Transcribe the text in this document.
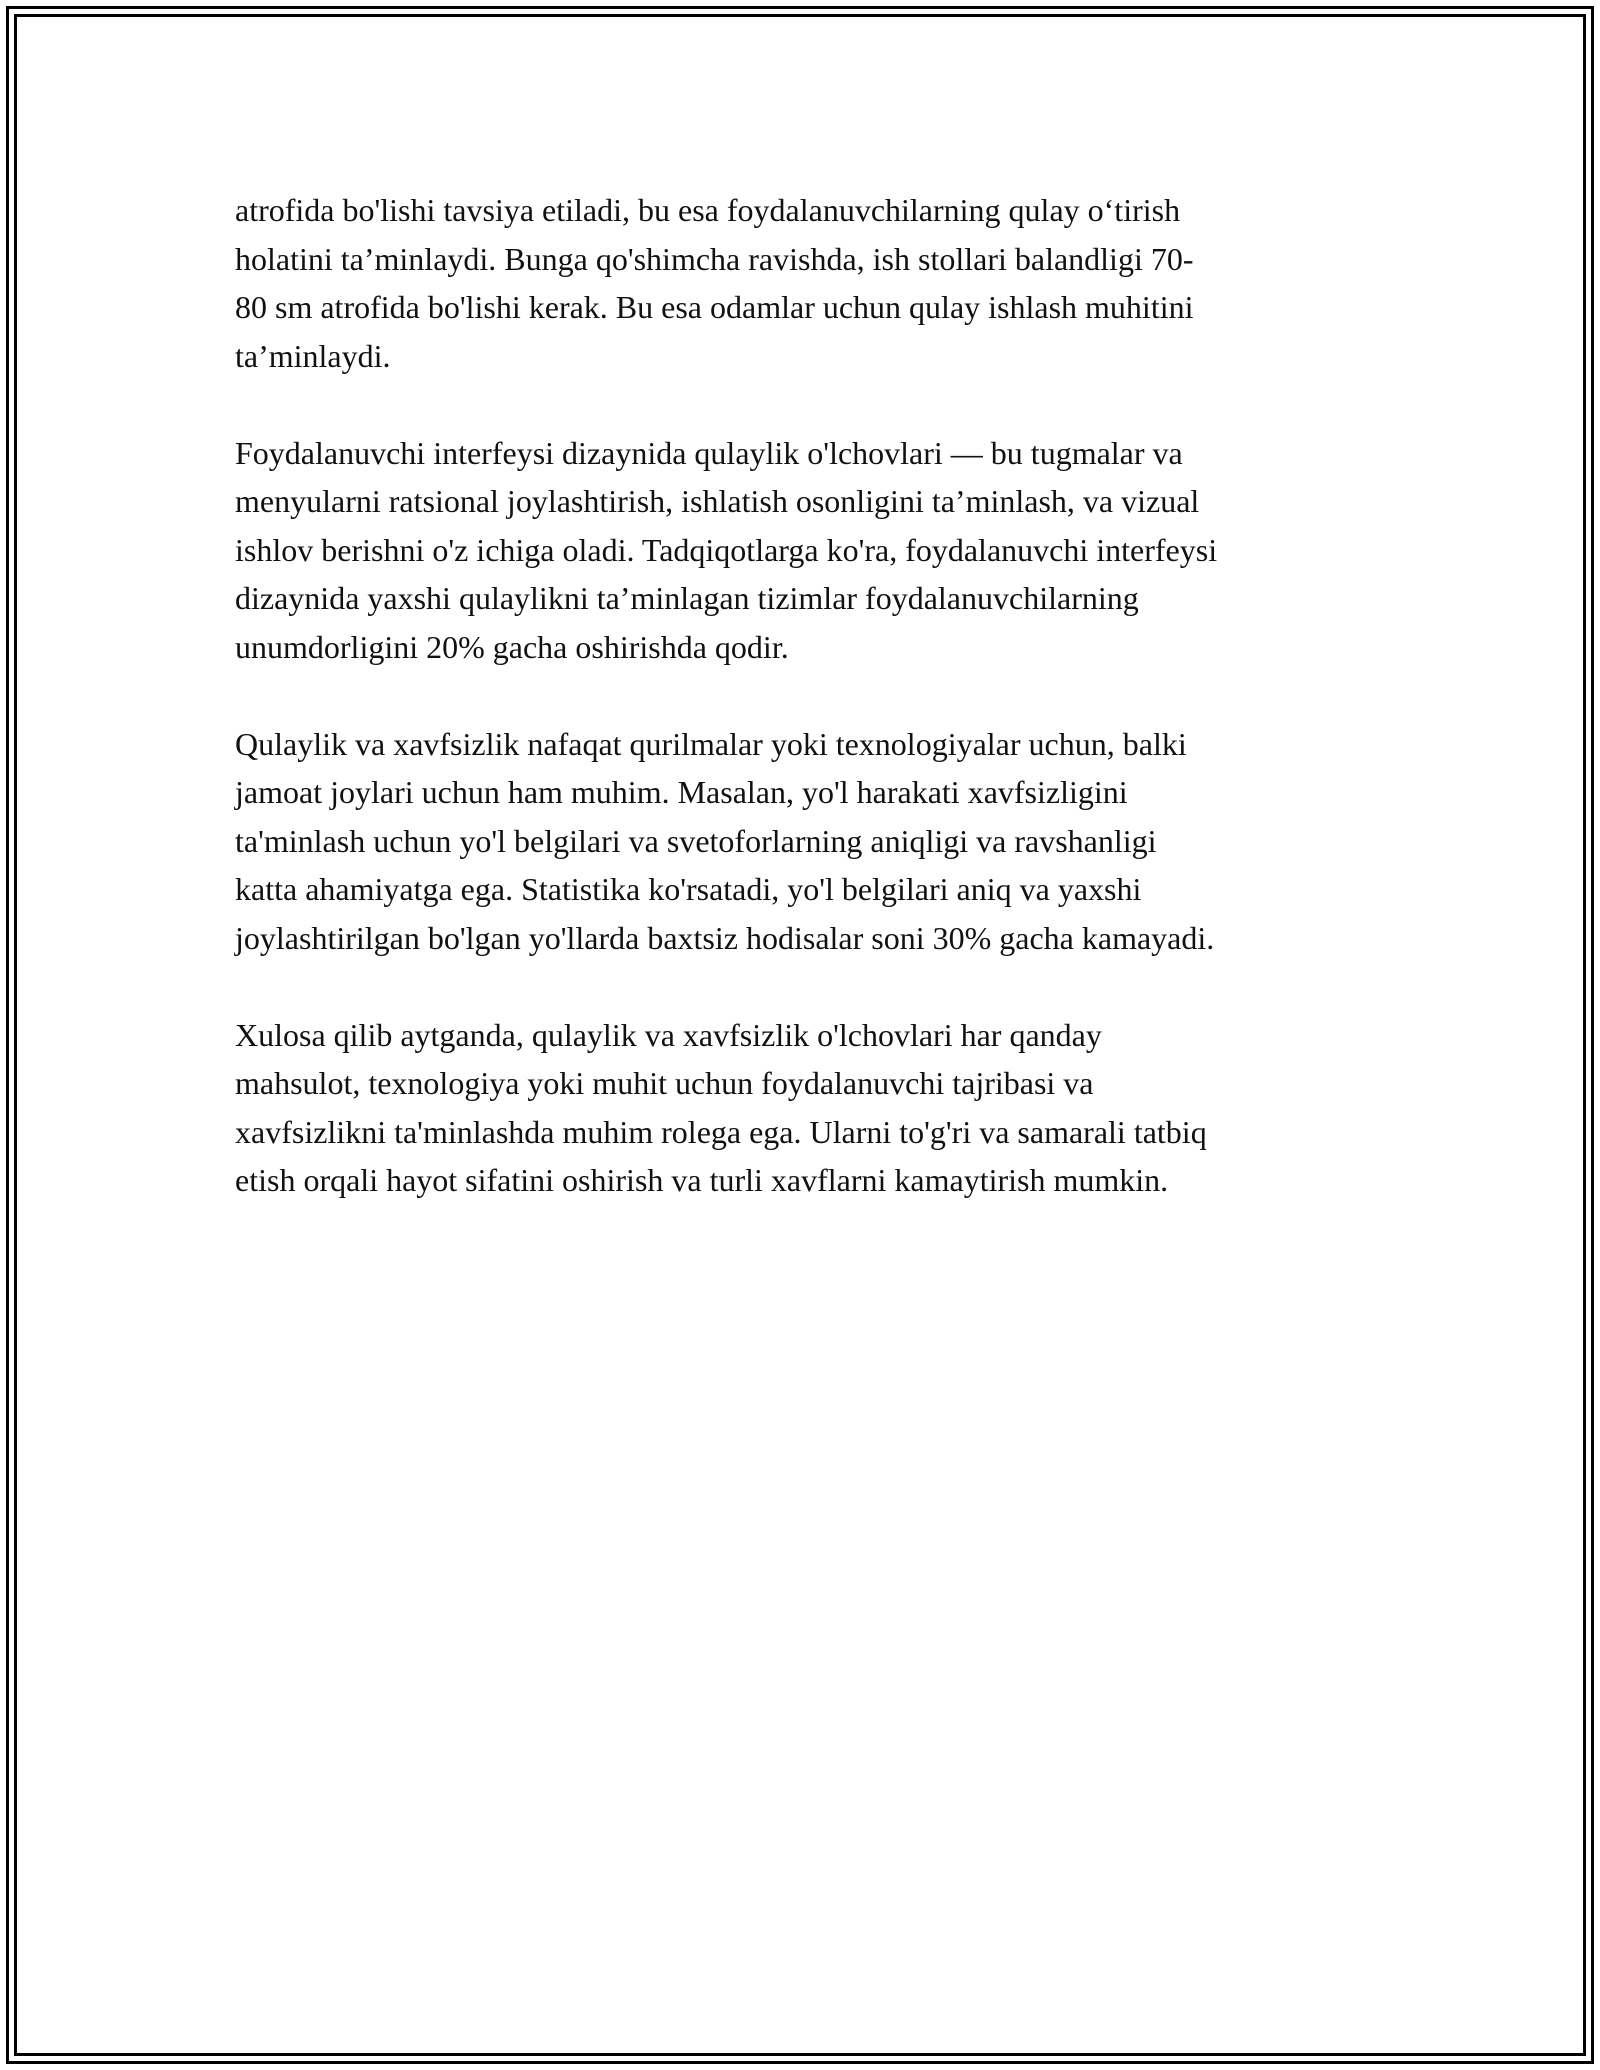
atrofida bo'lishi tavsiya etiladi, bu esa foydalanuvchilarning qulay o‘tirish
holatini ta’minlaydi. Bunga qo'shimcha ravishda, ish stollari balandligi 70-
80 sm atrofida bo'lishi kerak. Bu esa odamlar uchun qulay ishlash muhitini
ta’minlaydi.

Foydalanuvchi interfeysi dizaynida qulaylik o'lchovlari — bu tugmalar va
menyularni ratsional joylashtirish, ishlatish osonligini ta’minlash, va vizual
ishlov berishni o'z ichiga oladi. Tadqiqotlarga ko'ra, foydalanuvchi interfeysi
dizaynida yaxshi qulaylikni ta’minlagan tizimlar foydalanuvchilarning
unumdorligini 20% gacha oshirishda qodir.

Qulaylik va xavfsizlik nafaqat qurilmalar yoki texnologiyalar uchun, balki
jamoat joylari uchun ham muhim. Masalan, yo'l harakati xavfsizligini
ta'minlash uchun yo'l belgilari va svetoforlarning aniqligi va ravshanligi
katta ahamiyatga ega. Statistika ko'rsatadi, yo'l belgilari aniq va yaxshi
joylashtirilgan bo'lgan yo'llarda baxtsiz hodisalar soni 30% gacha kamayadi.

Xulosa qilib aytganda, qulaylik va xavfsizlik o'lchovlari har qanday
mahsulot, texnologiya yoki muhit uchun foydalanuvchi tajribasi va
xavfsizlikni ta'minlashda muhim rolega ega. Ularni to'g'ri va samarali tatbiq
etish orqali hayot sifatini oshirish va turli xavflarni kamaytirish mumkin.
